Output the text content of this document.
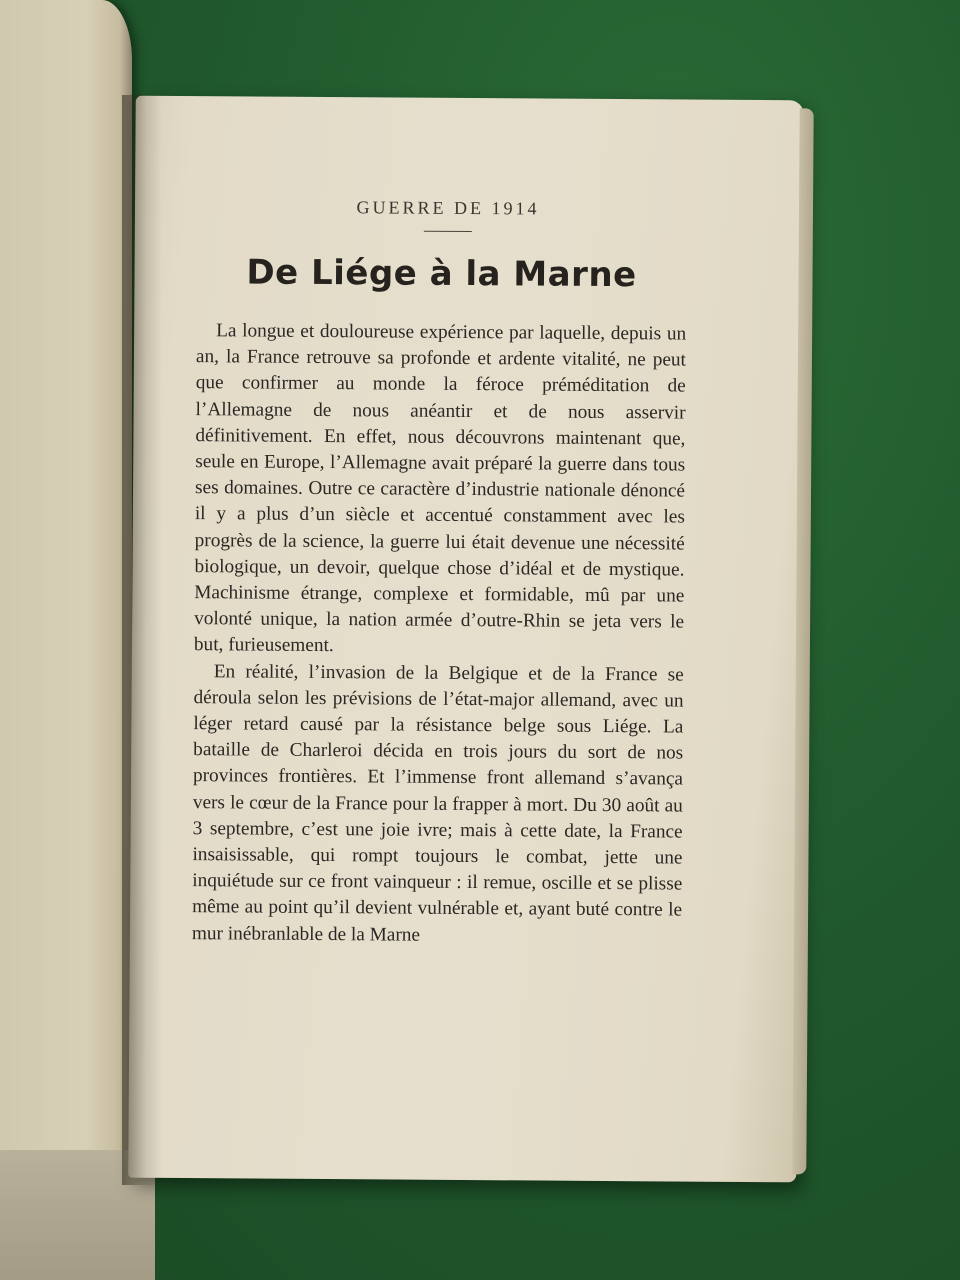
GUERRE DE 1914
De Liége à la Marne

La longue et douloureuse expérience par laquelle, depuis un an, la France retrouve sa profonde et ardente vitalité, ne peut que confirmer au monde la féroce préméditation de l’Allemagne de nous anéantir et de nous asservir définitivement. En effet, nous découvrons maintenant que, seule en Europe, l’Allemagne avait préparé la guerre dans tous ses domaines. Outre ce caractère d’industrie nationale dénoncé il y a plus d’un siècle et accentué constamment avec les progrès de la science, la guerre lui était devenue une nécessité biologique, un devoir, quelque chose d’idéal et de mystique. Machinisme étrange, complexe et formidable, mû par une volonté unique, la nation armée d’outre-Rhin se jeta vers le but, furieusement.

En réalité, l’invasion de la Belgique et de la France se déroula selon les prévisions de l’état-major allemand, avec un léger retard causé par la résistance belge sous Liége. La bataille de Charleroi décida en trois jours du sort de nos provinces frontières. Et l’immense front allemand s’avança vers le cœur de la France pour la frapper à mort. Du 30 août au 3 septembre, c’est une joie ivre; mais à cette date, la France insaisissable, qui rompt toujours le combat, jette une inquiétude sur ce front vainqueur : il remue, oscille et se plisse même au point qu’il devient vulnérable et, ayant buté contre le mur inébranlable de la Marne
